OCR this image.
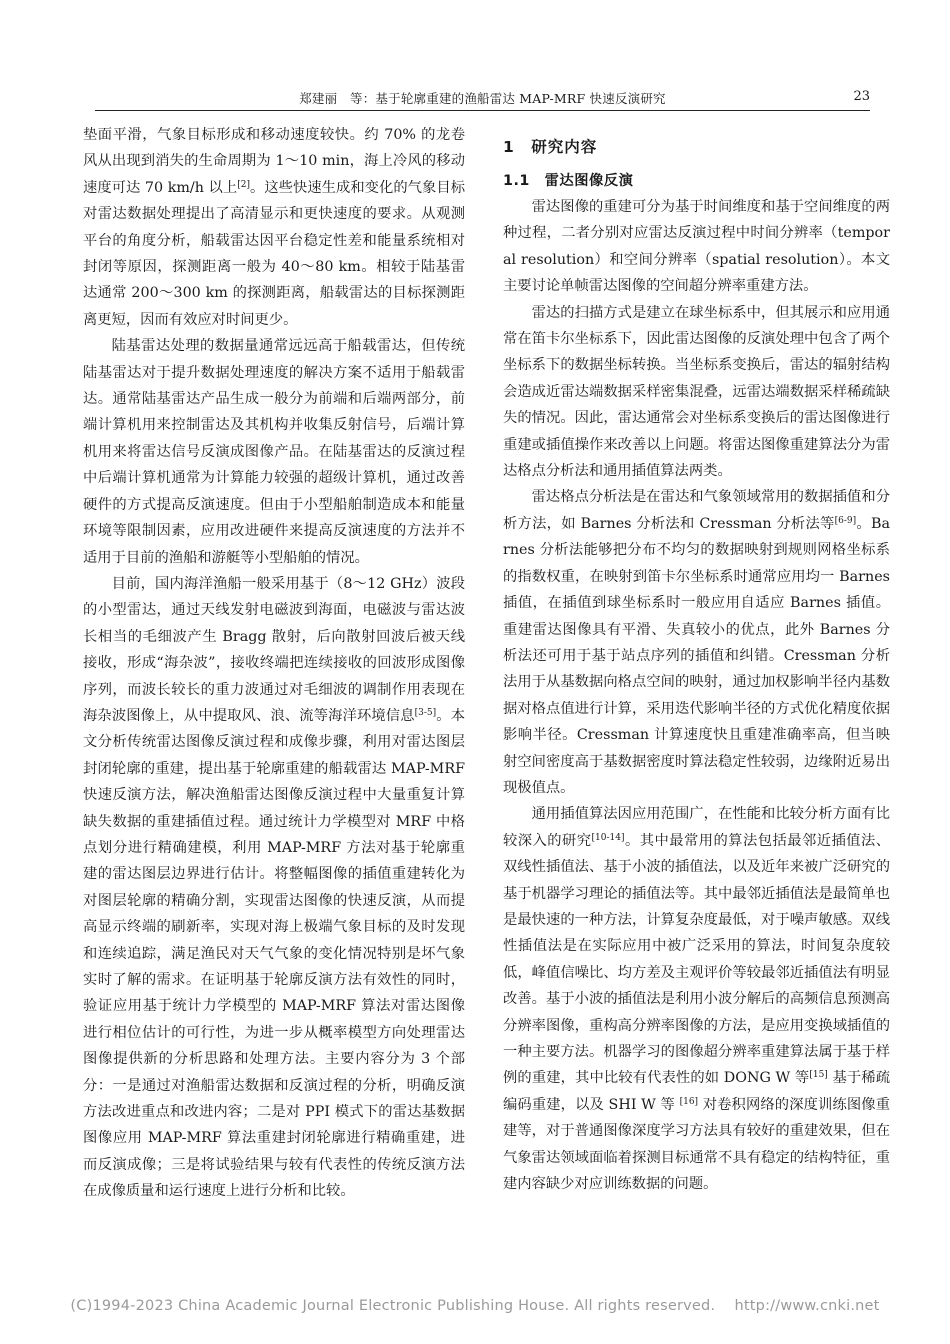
郑建丽　等：基于轮廓重建的渔船雷达 MAP-MRF 快速反演研究	23

垫面平滑，气象目标形成和移动速度较快。约 70% 的龙卷风从出现到消失的生命周期为 1～10 min，海上冷风的移动速度可达 70 km/h 以上[2]。这些快速生成和变化的气象目标对雷达数据处理提出了高清显示和更快速度的要求。从观测平台的角度分析，船载雷达因平台稳定性差和能量系统相对封闭等原因，探测距离一般为 40～80 km。相较于陆基雷达通常 200～300 km 的探测距离，船载雷达的目标探测距离更短，因而有效应对时间更少。

陆基雷达处理的数据量通常远远高于船载雷达，但传统陆基雷达对于提升数据处理速度的解决方案不适用于船载雷达。通常陆基雷达产品生成一般分为前端和后端两部分，前端计算机用来控制雷达及其机构并收集反射信号，后端计算机用来将雷达信号反演成图像产品。在陆基雷达的反演过程中后端计算机通常为计算能力较强的超级计算机，通过改善硬件的方式提高反演速度。但由于小型船舶制造成本和能量环境等限制因素，应用改进硬件来提高反演速度的方法并不适用于目前的渔船和游艇等小型船舶的情况。

目前，国内海洋渔船一般采用基于（8～12 GHz）波段的小型雷达，通过天线发射电磁波到海面，电磁波与雷达波长相当的毛细波产生 Bragg 散射，后向散射回波后被天线接收，形成“海杂波”，接收终端把连续接收的回波形成图像序列，而波长较长的重力波通过对毛细波的调制作用表现在海杂波图像上，从中提取风、浪、流等海洋环境信息[3-5]。本文分析传统雷达图像反演过程和成像步骤，利用对雷达图层封闭轮廓的重建，提出基于轮廓重建的船载雷达 MAP-MRF 快速反演方法，解决渔船雷达图像反演过程中大量重复计算缺失数据的重建插值过程。通过统计力学模型对 MRF 中格点划分进行精确建模，利用 MAP-MRF 方法对基于轮廓重建的雷达图层边界进行估计。将整幅图像的插值重建转化为对图层轮廓的精确分割，实现雷达图像的快速反演，从而提高显示终端的刷新率，实现对海上极端气象目标的及时发现和连续追踪，满足渔民对天气气象的变化情况特别是坏气象实时了解的需求。在证明基于轮廓反演方法有效性的同时，验证应用基于统计力学模型的 MAP-MRF 算法对雷达图像进行相位估计的可行性，为进一步从概率模型方向处理雷达图像提供新的分析思路和处理方法。主要内容分为 3 个部分：一是通过对渔船雷达数据和反演过程的分析，明确反演方法改进重点和改进内容；二是对 PPI 模式下的雷达基数据图像应用 MAP-MRF 算法重建封闭轮廓进行精确重建，进而反演成像；三是将试验结果与较有代表性的传统反演方法在成像质量和运行速度上进行分析和比较。

1　研究内容
1.1　雷达图像反演

雷达图像的重建可分为基于时间维度和基于空间维度的两种过程，二者分别对应雷达反演过程中时间分辨率（temporal resolution）和空间分辨率（spatial resolution）。本文主要讨论单帧雷达图像的空间超分辨率重建方法。

雷达的扫描方式是建立在球坐标系中，但其展示和应用通常在笛卡尔坐标系下，因此雷达图像的反演处理中包含了两个坐标系下的数据坐标转换。当坐标系变换后，雷达的辐射结构会造成近雷达端数据采样密集混叠，远雷达端数据采样稀疏缺失的情况。因此，雷达通常会对坐标系变换后的雷达图像进行重建或插值操作来改善以上问题。将雷达图像重建算法分为雷达格点分析法和通用插值算法两类。

雷达格点分析法是在雷达和气象领域常用的数据插值和分析方法，如 Barnes 分析法和 Cressman 分析法等[6-9]。Barnes 分析法能够把分布不均匀的数据映射到规则网格坐标系的指数权重，在映射到笛卡尔坐标系时通常应用均一 Barnes 插值，在插值到球坐标系时一般应用自适应 Barnes 插值。重建雷达图像具有平滑、失真较小的优点，此外 Barnes 分析法还可用于基于站点序列的插值和纠错。Cressman 分析法用于从基数据向格点空间的映射，通过加权影响半径内基数据对格点值进行计算，采用迭代影响半径的方式优化精度依据影响半径。Cressman 计算速度快且重建准确率高，但当映射空间密度高于基数据密度时算法稳定性较弱，边缘附近易出现极值点。

通用插值算法因应用范围广，在性能和比较分析方面有比较深入的研究[10-14]。其中最常用的算法包括最邻近插值法、双线性插值法、基于小波的插值法，以及近年来被广泛研究的基于机器学习理论的插值法等。其中最邻近插值法是最简单也是最快速的一种方法，计算复杂度最低，对于噪声敏感。双线性插值法是在实际应用中被广泛采用的算法，时间复杂度较低，峰值信噪比、均方差及主观评价等较最邻近插值法有明显改善。基于小波的插值法是利用小波分解后的高频信息预测高分辨率图像，重构高分辨率图像的方法，是应用变换域插值的一种主要方法。机器学习的图像超分辨率重建算法属于基于样例的重建，其中比较有代表性的如 DONG W 等[15] 基于稀疏编码重建，以及 SHI W 等 [16] 对卷积网络的深度训练图像重建等，对于普通图像深度学习方法具有较好的重建效果，但在气象雷达领域面临着探测目标通常不具有稳定的结构特征，重建内容缺少对应训练数据的问题。

(C)1994-2023 China Academic Journal Electronic Publishing House. All rights reserved.    http://www.cnki.net
